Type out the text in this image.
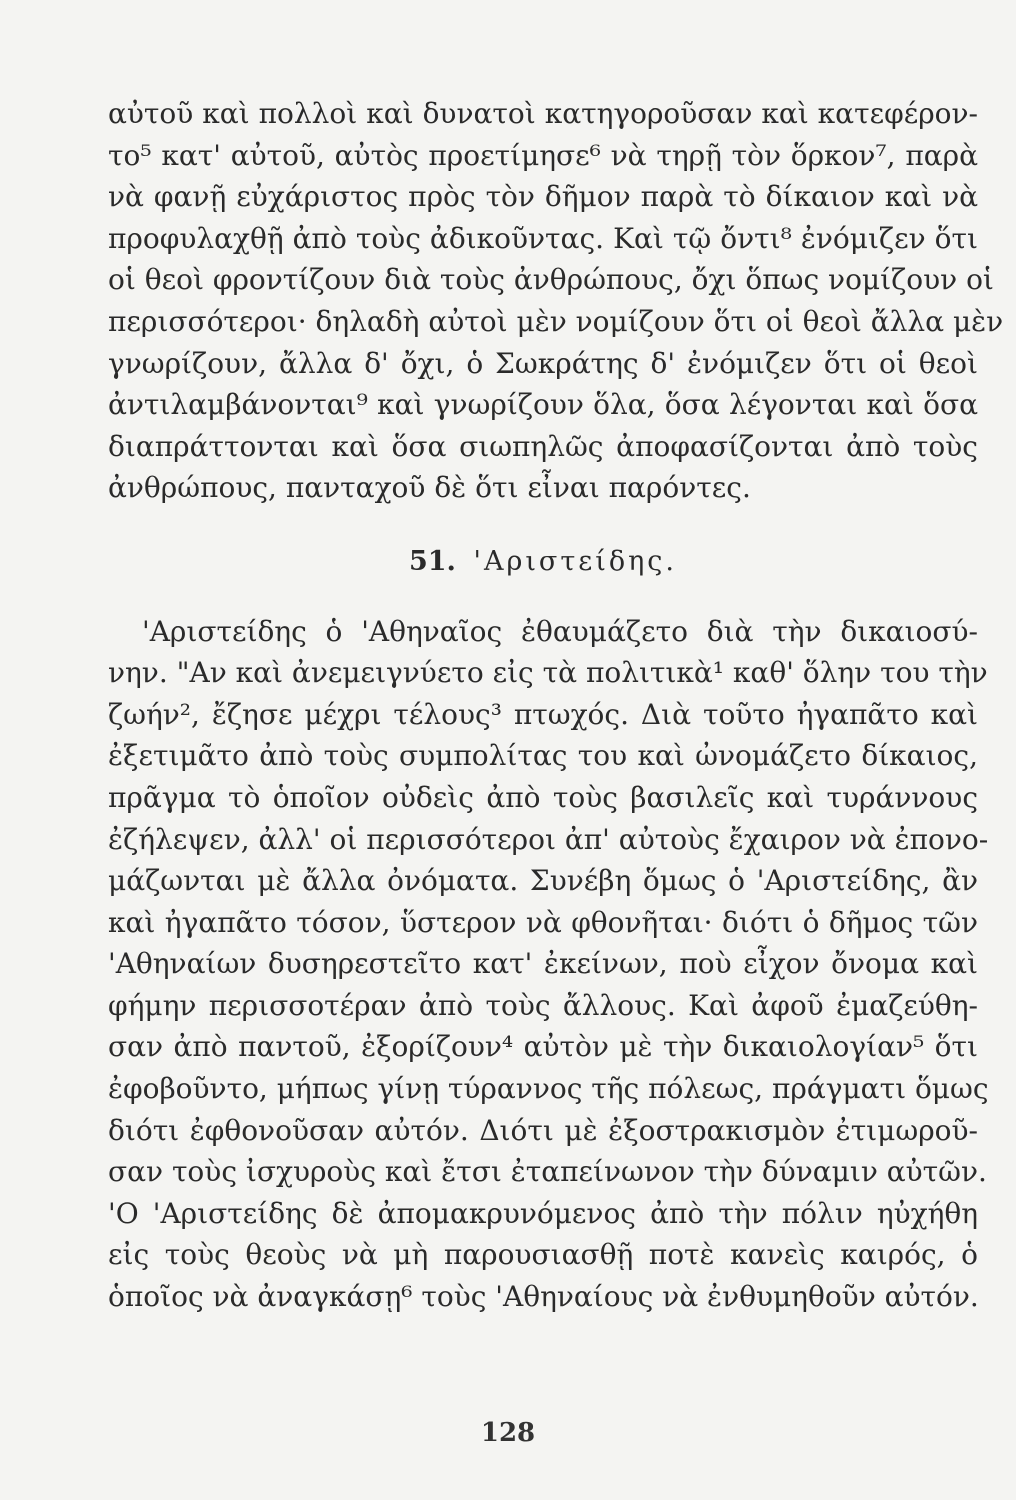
αὐτοῦ καὶ πολλοὶ καὶ δυνατοὶ κατηγοροῦσαν καὶ κατεφέρον-
το⁵ κατ' αὐτοῦ, αὐτὸς προετίμησε⁶ νὰ τηρῇ τὸν ὅρκον⁷, παρὰ
νὰ φανῇ εὐχάριστος πρὸς τὸν δῆμον παρὰ τὸ δίκαιον καὶ νὰ
προφυλαχθῇ ἀπὸ τοὺς ἀδικοῦντας. Καὶ τῷ ὄντι⁸ ἐνόμιζεν ὅτι
οἱ θεοὶ φροντίζουν διὰ τοὺς ἀνθρώπους, ὄχι ὅπως νομίζουν οἱ
περισσότεροι· δηλαδὴ αὐτοὶ μὲν νομίζουν ὅτι οἱ θεοὶ ἄλλα μὲν
γνωρίζουν, ἄλλα δ' ὄχι, ὁ Σωκράτης δ' ἐνόμιζεν ὅτι οἱ θεοὶ
ἀντιλαμβάνονται⁹ καὶ γνωρίζουν ὅλα, ὅσα λέγονται καὶ ὅσα
διαπράττονται καὶ ὅσα σιωπηλῶς ἀποφασίζονται ἀπὸ τοὺς
ἀνθρώπους, πανταχοῦ δὲ ὅτι εἶναι παρόντες.
51. 'Αριστείδης.
'Αριστείδης ὁ 'Αθηναῖος ἐθαυμάζετο διὰ τὴν δικαιοσύ-
νην. "Αν καὶ ἀνεμειγνύετο εἰς τὰ πολιτικὰ¹ καθ' ὅλην του τὴν
ζωήν², ἔζησε μέχρι τέλους³ πτωχός. Διὰ τοῦτο ἠγαπᾶτο καὶ
ἐξετιμᾶτο ἀπὸ τοὺς συμπολίτας του καὶ ὠνομάζετο δίκαιος,
πρᾶγμα τὸ ὁποῖον οὐδεὶς ἀπὸ τοὺς βασιλεῖς καὶ τυράννους
ἐζήλεψεν, ἀλλ' οἱ περισσότεροι ἀπ' αὐτοὺς ἔχαιρον νὰ ἐπονο-
μάζωνται μὲ ἄλλα ὀνόματα. Συνέβη ὅμως ὁ 'Αριστείδης, ἂν
καὶ ἠγαπᾶτο τόσον, ὕστερον νὰ φθονῆται· διότι ὁ δῆμος τῶν
'Αθηναίων δυσηρεστεῖτο κατ' ἐκείνων, ποὺ εἶχον ὄνομα καὶ
φήμην περισσοτέραν ἀπὸ τοὺς ἄλλους. Καὶ ἀφοῦ ἐμαζεύθη-
σαν ἀπὸ παντοῦ, ἐξορίζουν⁴ αὐτὸν μὲ τὴν δικαιολογίαν⁵ ὅτι
ἐφοβοῦντο, μήπως γίνῃ τύραννος τῆς πόλεως, πράγματι ὅμως
διότι ἐφθονοῦσαν αὐτόν. Διότι μὲ ἐξοστρακισμὸν ἐτιμωροῦ-
σαν τοὺς ἰσχυροὺς καὶ ἔτσι ἐταπείνωνον τὴν δύναμιν αὐτῶν.
'Ο 'Αριστείδης δὲ ἀπομακρυνόμενος ἀπὸ τὴν πόλιν ηὐχήθη
εἰς τοὺς θεοὺς νὰ μὴ παρουσιασθῇ ποτὲ κανεὶς καιρός, ὁ
ὁποῖος νὰ ἀναγκάσῃ⁶ τοὺς 'Αθηναίους νὰ ἐνθυμηθοῦν αὐτόν.
128
